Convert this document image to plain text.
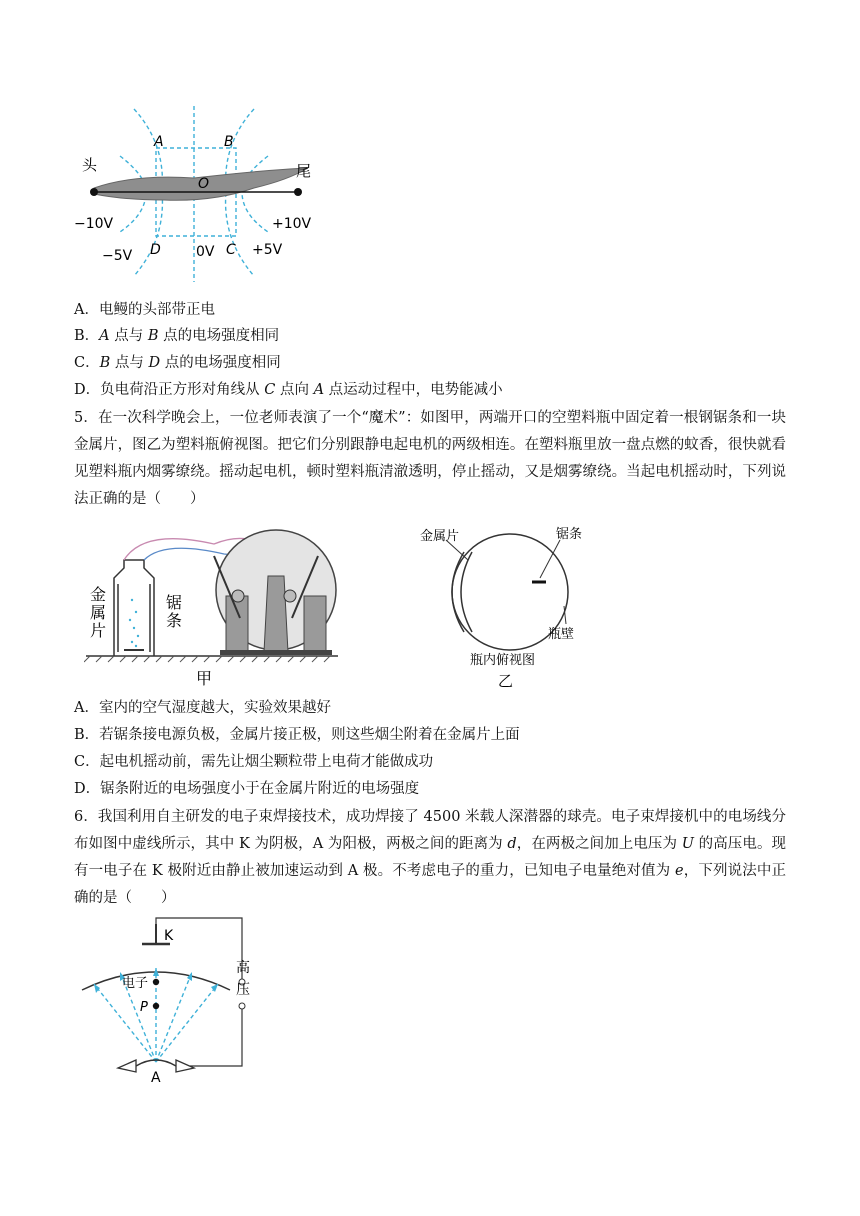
头	尾
O
A	B
C
D
−10V
−5V	0V	+5V
+10V
A．电鳗的头部带正电
B．A 点与 B 点的电场强度相同
C．B 点与 D 点的电场强度相同
D．负电荷沿正方形对角线从 C 点向 A 点运动过程中，电势能减小
5．在一次科学晚会上，一位老师表演了一个“魔术”：如图甲，两端开口的空塑料瓶中固定着一根钢锯条和一块金属片，图乙为塑料瓶俯视图。把它们分别跟静电起电机的两级相连。在塑料瓶里放一盘点燃的蚊香，很快就看见塑料瓶内烟雾缭绕。摇动起电机，顿时塑料瓶清澈透明，停止摇动，又是烟雾缭绕。当起电机摇动时，下列说法正确的是（　　）
金
属
片
锯
条
甲
金属片	锯条
瓶壁
瓶内俯视图
乙
A．室内的空气湿度越大，实验效果越好
B．若锯条接电源负极，金属片接正极，则这些烟尘附着在金属片上面
C．起电机摇动前，需先让烟尘颗粒带上电荷才能做成功
D．锯条附近的电场强度小于在金属片附近的电场强度
6．我国利用自主研发的电子束焊接技术，成功焊接了 4500 米载人深潜器的球壳。电子束焊接机中的电场线分布如图中虚线所示，其中 K 为阴极，A 为阳极，两极之间的距离为 d，在两极之间加上电压为 U 的高压电。现有一电子在 K 极附近由静止被加速运动到 A 极。不考虑电子的重力，已知电子电量绝对值为 e，下列说法中正确的是（　　）
K
电子
P
高
压
A
